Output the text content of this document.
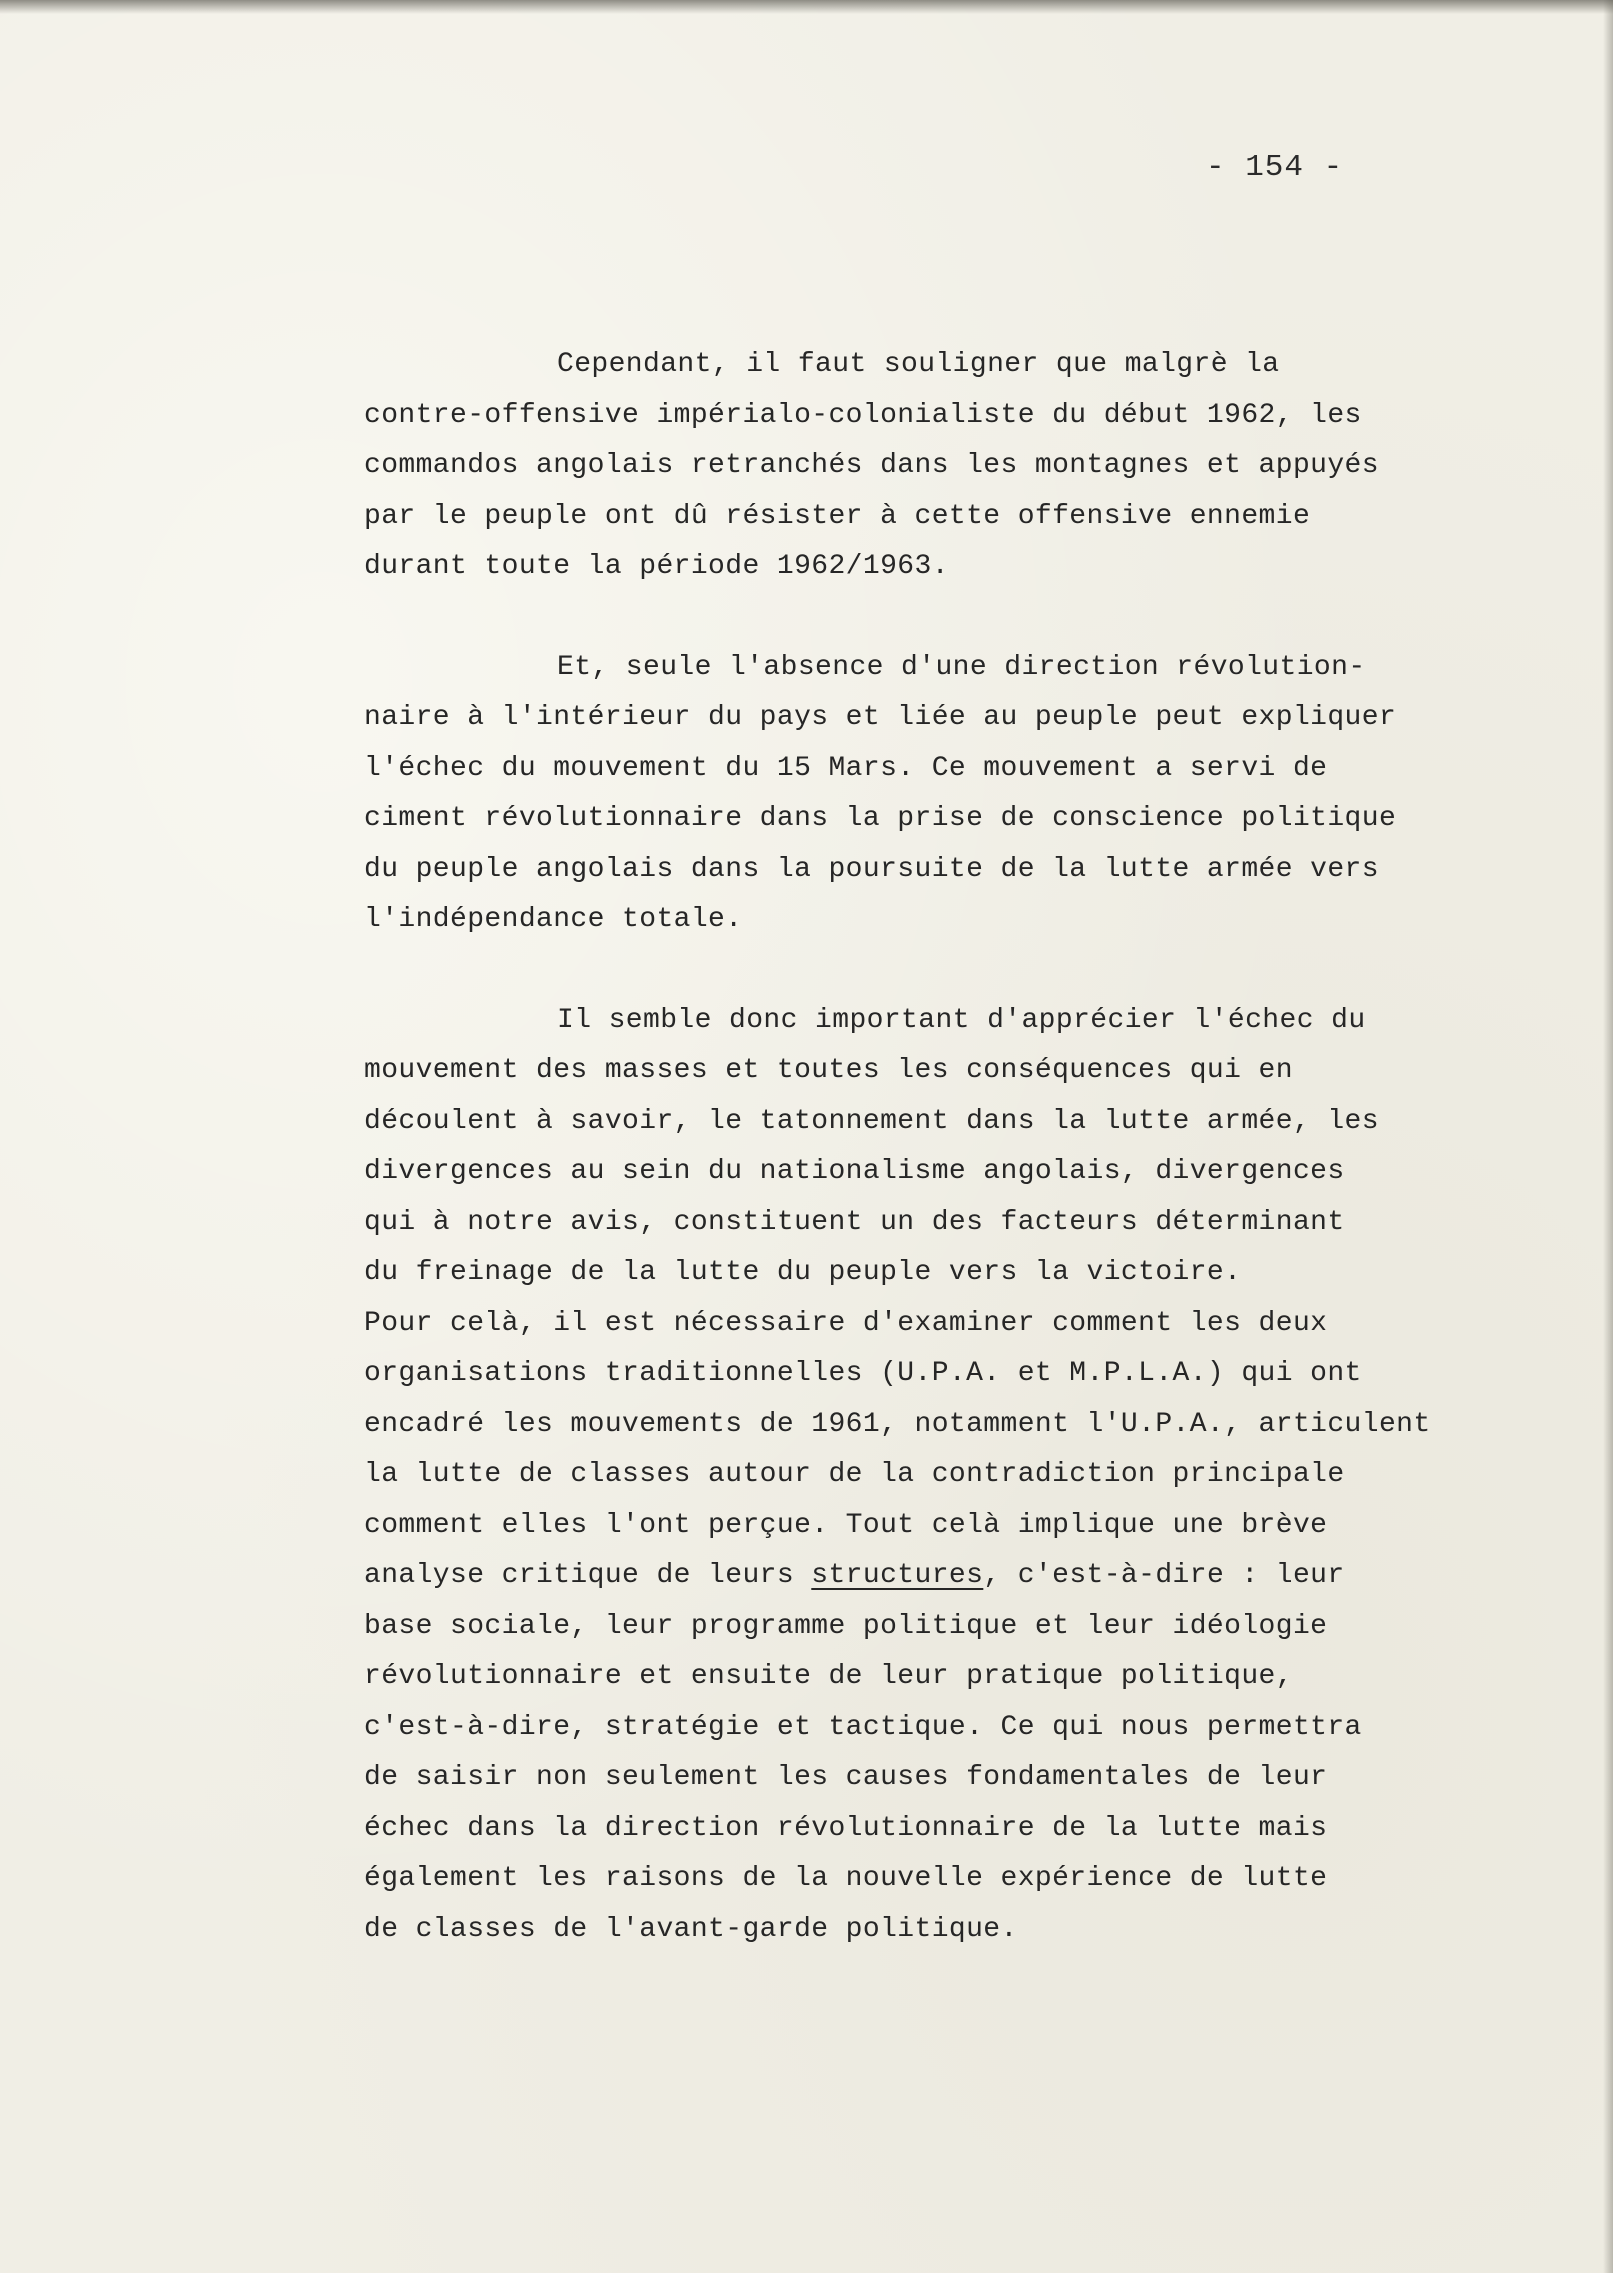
- 154 -
Cependant, il faut souligner que malgrè la
contre-offensive impérialo-colonialiste du début 1962, les
commandos angolais retranchés dans les montagnes et appuyés
par le peuple ont dû résister à cette offensive ennemie
durant toute la période 1962/1963.
Et, seule l'absence d'une direction révolution-
naire à l'intérieur du pays et liée au peuple peut expliquer
l'échec du mouvement du 15 Mars. Ce mouvement a servi de
ciment révolutionnaire dans la prise de conscience politique
du peuple angolais dans la poursuite de la lutte armée vers
l'indépendance totale.
Il semble donc important d'apprécier l'échec du
mouvement des masses et toutes les conséquences qui en
découlent à savoir, le tatonnement dans la lutte armée, les
divergences au sein du nationalisme angolais, divergences
qui à notre avis, constituent un des facteurs déterminant
du freinage de la lutte du peuple vers la victoire.
Pour celà, il est nécessaire d'examiner comment les deux
organisations traditionnelles (U.P.A. et M.P.L.A.) qui ont
encadré les mouvements de 1961, notamment l'U.P.A., articulent
la lutte de classes autour de la contradiction principale
comment elles l'ont perçue. Tout celà implique une brève
analyse critique de leurs structures, c'est-à-dire : leur
base sociale, leur programme politique et leur idéologie
révolutionnaire et ensuite de leur pratique politique,
c'est-à-dire, stratégie et tactique. Ce qui nous permettra
de saisir non seulement les causes fondamentales de leur
échec dans la direction révolutionnaire de la lutte mais
également les raisons de la nouvelle expérience de lutte
de classes de l'avant-garde politique.
